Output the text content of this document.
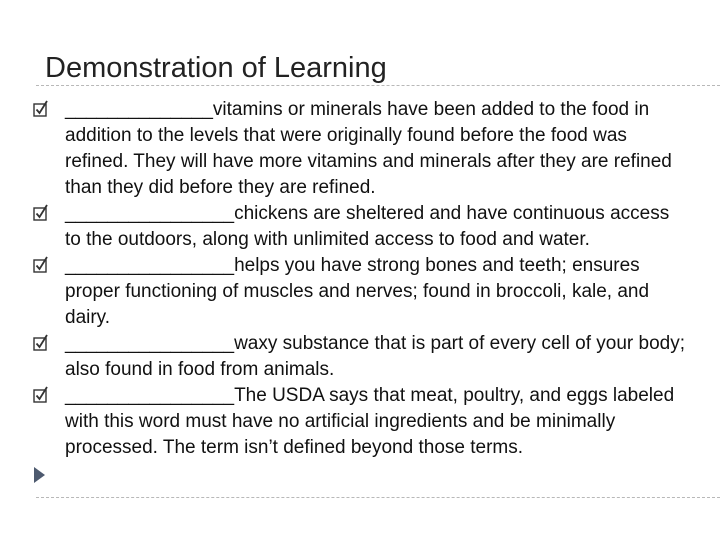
Demonstration of Learning
______________vitamins or minerals have been added to the food in addition to the levels that were originally found before the food was refined. They will have more vitamins and minerals after they are refined than they did before they are refined.
________________chickens are sheltered and have continuous access to the outdoors, along with unlimited access to food and water.
________________helps you have strong bones and teeth; ensures proper functioning of muscles and nerves; found in broccoli, kale, and dairy.
________________waxy substance that is part of every cell of your body; also found in food from animals.
________________The USDA says that meat, poultry, and eggs labeled with this word must have no artificial ingredients and be minimally processed. The term isn’t defined beyond those terms.
